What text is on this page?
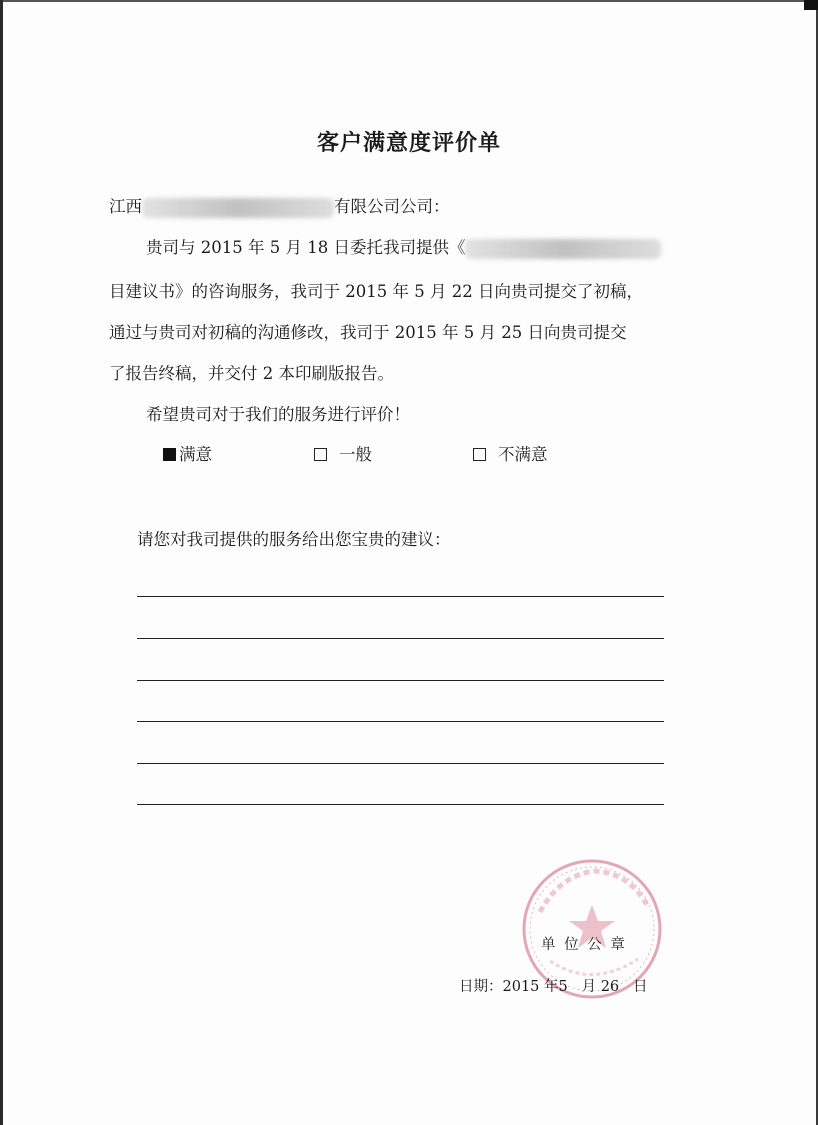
客户满意度评价单
江西	有限公司公司：
贵司与 2015 年 5 月 18 日委托我司提供《
目建议书》的咨询服务，我司于 2015 年 5 月 22 日向贵司提交了初稿，
通过与贵司对初稿的沟通修改，我司于 2015 年 5 月 25 日向贵司提交
了报告终稿，并交付 2 本印刷版报告。
希望贵司对于我们的服务进行评价！
满意	一般	不满意
请您对我司提供的服务给出您宝贵的建议：
单 位 公 章
日期：2015 年5 月 26 日
